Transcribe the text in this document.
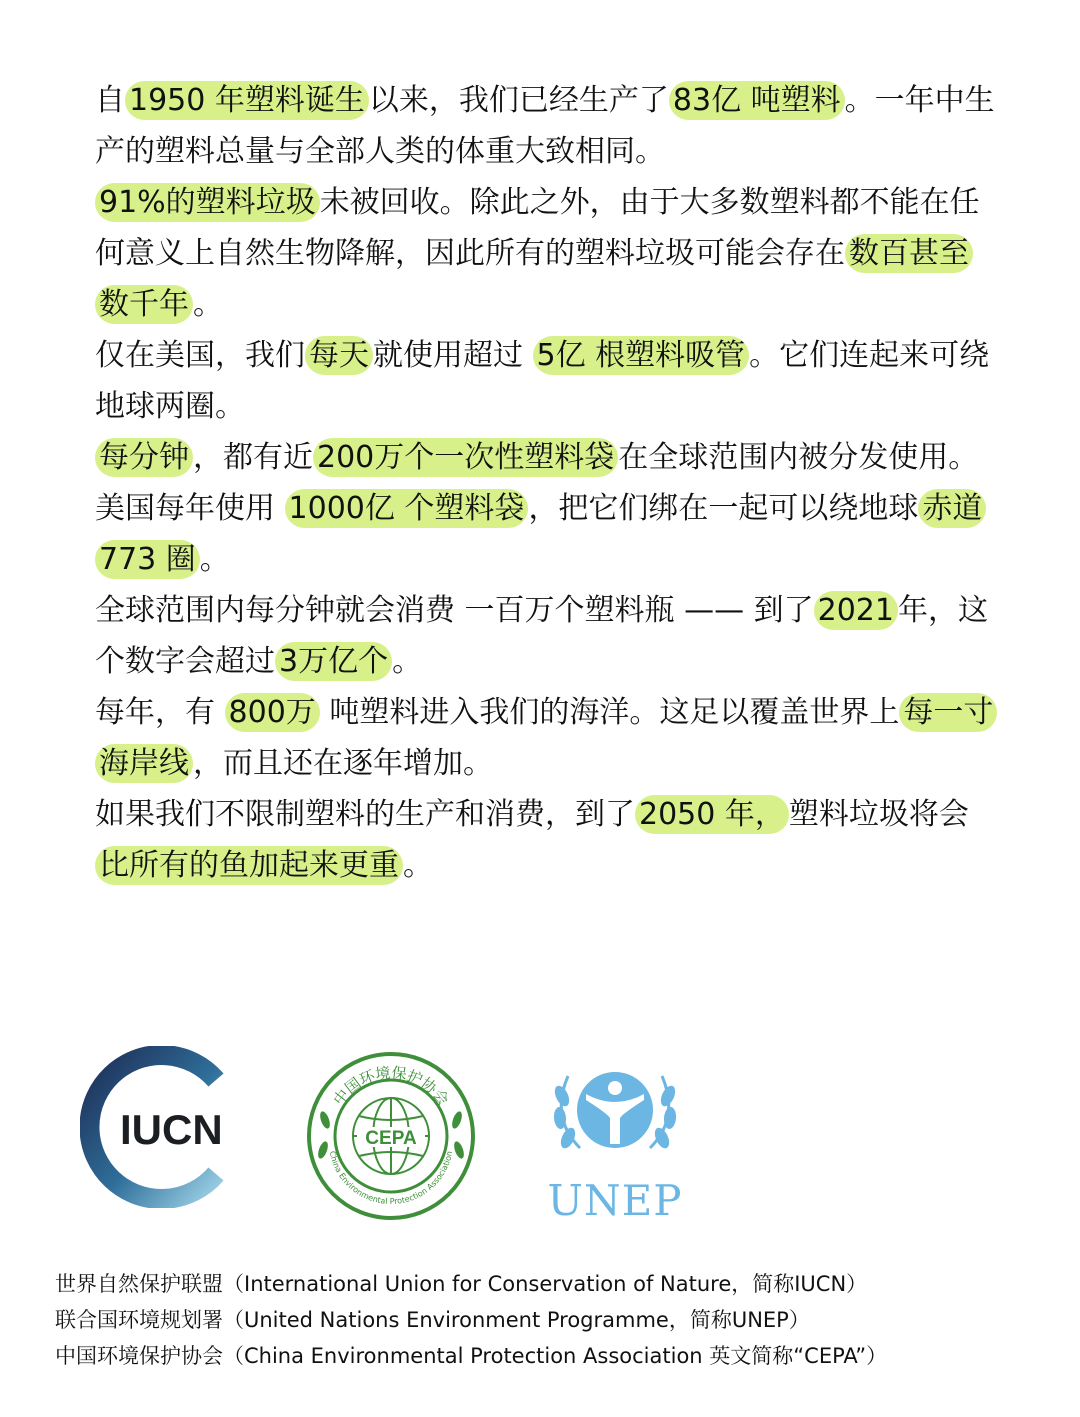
自 1950 年塑料诞生 以来，我们已经生产了 83亿 吨塑料 。一年中生产的塑料总量与全部人类的体重大致相同。
91%的塑料垃圾 未被回收。除此之外，由于大多数塑料都不能在任何意义上自然生物降解，因此所有的塑料垃圾可能会存在 数百甚至数千年 。
仅在美国，我们 每天 就使用超过 5亿 根塑料吸管 。它们连起来可绕地球两圈。
每分钟 ，都有近 200万个一次性塑料袋 在全球范围内被分发使用。
美国每年使用 1000亿 个塑料袋 ，把它们绑在一起可以绕地球 赤道 773 圈 。
全球范围内每分钟就会消费 一百万个塑料瓶 —— 到了 2021 年，这个数字会超过 3万亿个 。
每年，有 800万 吨塑料进入我们的海洋。这足以覆盖世界上 每一寸海岸线 ，而且还在逐年增加。
如果我们不限制塑料的生产和消费，到了 2050 年， 塑料垃圾将会比所有的鱼加起来更重 。
IUCN
中国环境保护协会
China Environmental Protection Association
CEPA
UNEP
世界自然保护联盟（International Union for Conservation of Nature，简称IUCN）
联合国环境规划署（United Nations Environment Programme，简称UNEP）
中国环境保护协会（China Environmental Protection Association 英文简称“CEPA”）
